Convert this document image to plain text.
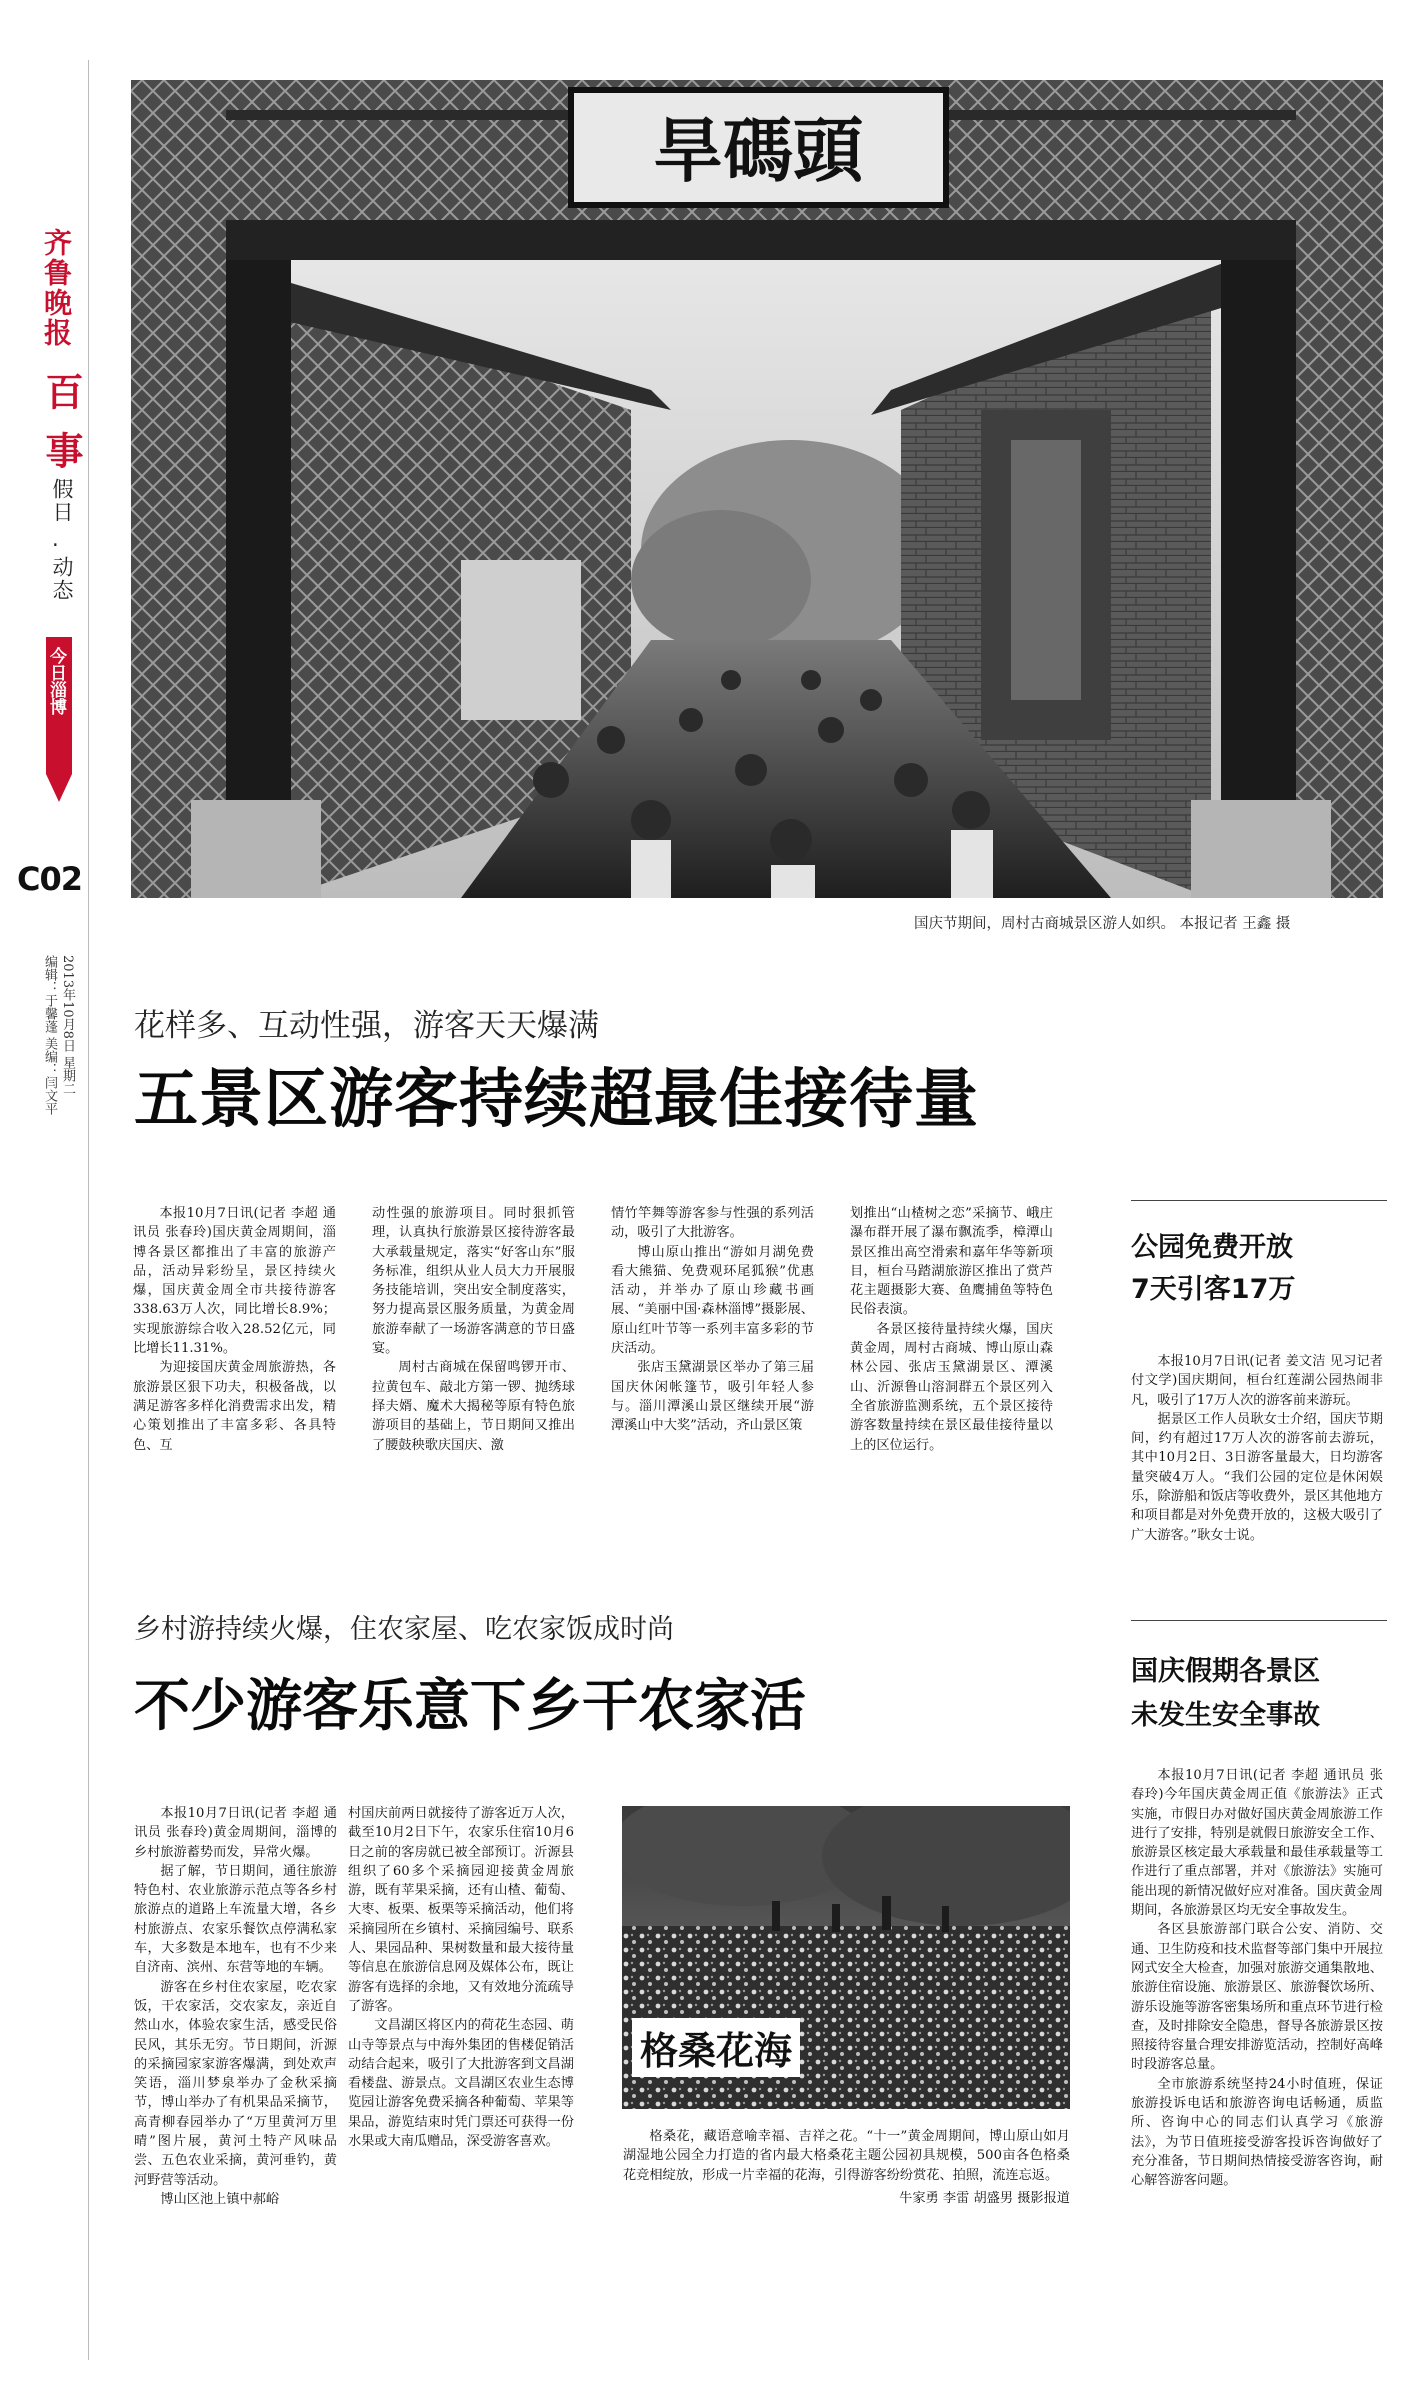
齐鲁晚报
百 事
假日
·
动态
今日淄博
C02
2013年10月8日 星期二
编辑：于馨蓬 美编：闫文平
旱碼頭
国庆节期间，周村古商城景区游人如织。 本报记者 王鑫 摄
花样多、互动性强，游客天天爆满
五景区游客持续超最佳接待量

本报10月7日讯(记者 李超 通讯员 张春玲)国庆黄金周期间，淄博各景区都推出了丰富的旅游产品，活动异彩纷呈，景区持续火爆，国庆黄金周全市共接待游客338.63万人次，同比增长8.9%；实现旅游综合收入28.52亿元，同比增长11.31%。

为迎接国庆黄金周旅游热，各旅游景区狠下功夫，积极备战，以满足游客多样化消费需求出发，精心策划推出了丰富多彩、各具特色、互

动性强的旅游项目。同时狠抓管理，认真执行旅游景区接待游客最大承载量规定，落实“好客山东”服务标准，组织从业人员大力开展服务技能培训，突出安全制度落实，努力提高景区服务质量，为黄金周旅游奉献了一场游客满意的节日盛宴。

周村古商城在保留鸣锣开市、拉黄包车、敲北方第一锣、抛绣球择夫婿、魔术大揭秘等原有特色旅游项目的基础上，节日期间又推出了腰鼓秧歌庆国庆、激

情竹竿舞等游客参与性强的系列活动，吸引了大批游客。

博山原山推出“游如月湖免费看大熊猫、免费观环尾狐猴”优惠活动，并举办了原山珍藏书画展、“美丽中国·森林淄博”摄影展、原山红叶节等一系列丰富多彩的节庆活动。

张店玉黛湖景区举办了第三届国庆休闲帐篷节，吸引年轻人参与。淄川潭溪山景区继续开展“游潭溪山中大奖”活动，齐山景区策

划推出“山楂树之恋”采摘节、峨庄瀑布群开展了瀑布飘流季，樟潭山景区推出高空滑索和嘉年华等新项目，桓台马踏湖旅游区推出了赏芦花主题摄影大赛、鱼鹰捕鱼等特色民俗表演。

各景区接待量持续火爆，国庆黄金周，周村古商城、博山原山森林公园、张店玉黛湖景区、潭溪山、沂源鲁山溶洞群五个景区列入全省旅游监测系统，五个景区接待游客数量持续在景区最佳接待量以上的区位运行。

公园免费开放
7天引客17万

本报10月7日讯(记者 姜文洁 见习记者 付文学)国庆期间，桓台红莲湖公园热闹非凡，吸引了17万人次的游客前来游玩。

据景区工作人员耿女士介绍，国庆节期间，约有超过17万人次的游客前去游玩，其中10月2日、3日游客量最大，日均游客量突破4万人。“我们公园的定位是休闲娱乐，除游船和饭店等收费外，景区其他地方和项目都是对外免费开放的，这极大吸引了广大游客。”耿女士说。

乡村游持续火爆，住农家屋、吃农家饭成时尚
不少游客乐意下乡干农家活

本报10月7日讯(记者 李超 通讯员 张春玲)黄金周期间，淄博的乡村旅游蓄势而发，异常火爆。

据了解，节日期间，通往旅游特色村、农业旅游示范点等各乡村旅游点的道路上车流量大增，各乡村旅游点、农家乐餐饮点停满私家车，大多数是本地车，也有不少来自济南、滨州、东营等地的车辆。

游客在乡村住农家屋，吃农家饭，干农家活，交农家友，亲近自然山水，体验农家生活，感受民俗民风，其乐无穷。节日期间，沂源的采摘园家家游客爆满，到处欢声笑语，淄川梦泉举办了金秋采摘节，博山举办了有机果品采摘节，高青柳春园举办了“万里黄河万里晴”图片展，黄河土特产风味品尝、五色农业采摘，黄河垂钓，黄河野营等活动。

博山区池上镇中郝峪

村国庆前两日就接待了游客近万人次，截至10月2日下午，农家乐住宿10月6日之前的客房就已被全部预订。沂源县组织了60多个采摘园迎接黄金周旅游，既有苹果采摘，还有山楂、葡萄、大枣、板栗、板栗等采摘活动，他们将采摘园所在乡镇村、采摘园编号、联系人、果园品种、果树数量和最大接待量等信息在旅游信息网及媒体公布，既让游客有选择的余地，又有效地分流疏导了游客。

文昌湖区将区内的荷花生态园、萌山寺等景点与中海外集团的售楼促销活动结合起来，吸引了大批游客到文昌湖看楼盘、游景点。文昌湖区农业生态博览园让游客免费采摘各种葡萄、苹果等果品，游览结束时凭门票还可获得一份水果或大南瓜赠品，深受游客喜欢。

格桑花海

格桑花，藏语意喻幸福、吉祥之花。“十一”黄金周期间，博山原山如月湖湿地公园全力打造的省内最大格桑花主题公园初具规模，500亩各色格桑花竞相绽放，形成一片幸福的花海，引得游客纷纷赏花、拍照，流连忘返。

牛家勇 李雷 胡盛男 摄影报道

国庆假期各景区
未发生安全事故

本报10月7日讯(记者 李超 通讯员 张春玲)今年国庆黄金周正值《旅游法》正式实施，市假日办对做好国庆黄金周旅游工作进行了安排，特别是就假日旅游安全工作、旅游景区核定最大承载量和最佳承载量等工作进行了重点部署，并对《旅游法》实施可能出现的新情况做好应对准备。国庆黄金周期间，各旅游景区均无安全事故发生。

各区县旅游部门联合公安、消防、交通、卫生防疫和技术监督等部门集中开展拉网式安全大检查，加强对旅游交通集散地、旅游住宿设施、旅游景区、旅游餐饮场所、游乐设施等游客密集场所和重点环节进行检查，及时排除安全隐患，督导各旅游景区按照接待容量合理安排游览活动，控制好高峰时段游客总量。

全市旅游系统坚持24小时值班，保证旅游投诉电话和旅游咨询电话畅通，质监所、咨询中心的同志们认真学习《旅游法》，为节日值班接受游客投诉咨询做好了充分准备，节日期间热情接受游客咨询，耐心解答游客问题。
